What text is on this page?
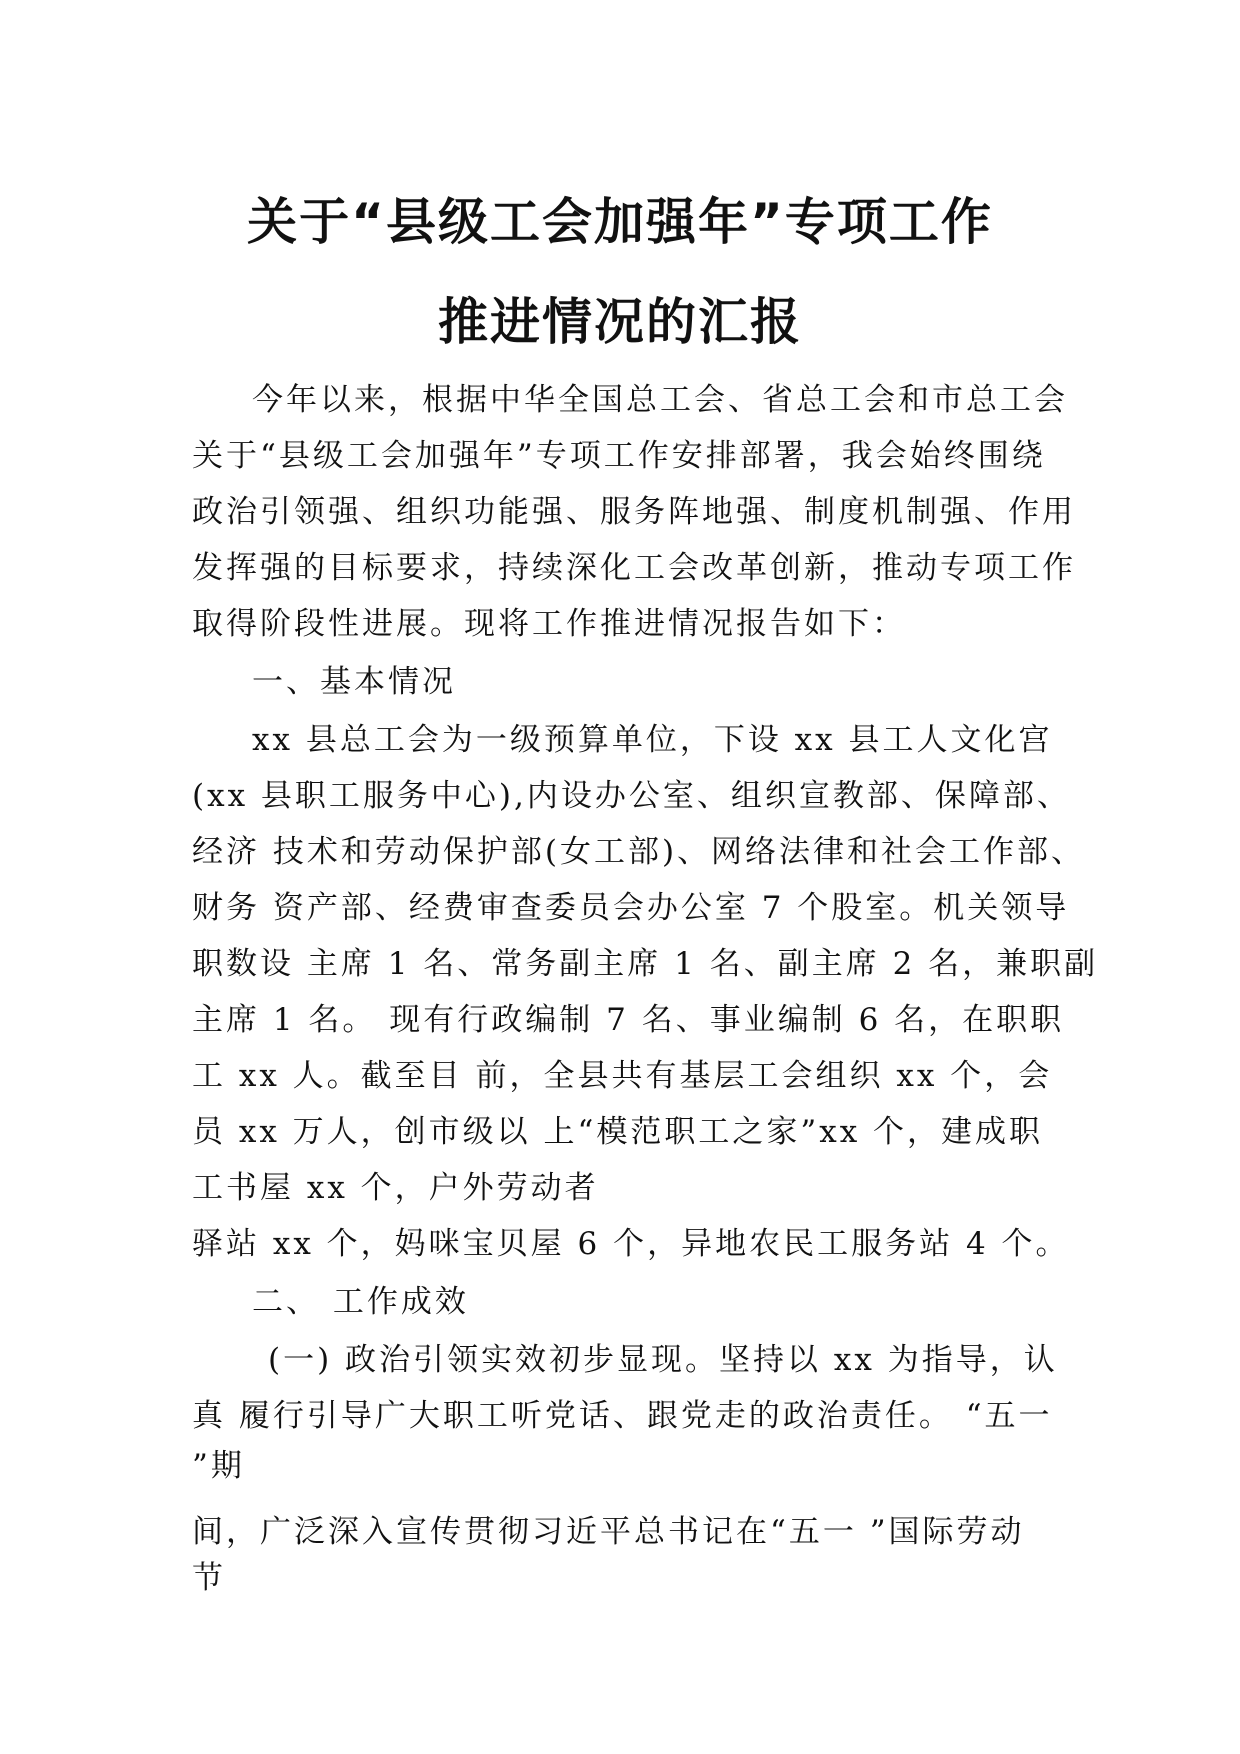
关于“县级工会加强年”专项工作
推进情况的汇报

今年以来，根据中华全国总工会、省总工会和市总工会

关于“县级工会加强年”专项工作安排部署，我会始终围绕

政治引领强、组织功能强、服务阵地强、制度机制强、作用

发挥强的目标要求，持续深化工会改革创新，推动专项工作

取得阶段性进展。现将工作推进情况报告如下：

一、基本情况

xx 县总工会为一级预算单位，下设 xx 县工人文化宫

(xx 县职工服务中心),内设办公室、组织宣教部、保障部、

经济 技术和劳动保护部(女工部)、网络法律和社会工作部、

财务 资产部、经费审查委员会办公室 7 个股室。机关领导

职数设 主席 1 名、常务副主席 1 名、副主席 2 名，兼职副

主席 1 名。 现有行政编制 7 名、事业编制 6 名，在职职

工 xx 人。截至目 前，全县共有基层工会组织 xx 个，会

员 xx 万人，创市级以 上“模范职工之家”xx 个，建成职

工书屋 xx 个，户外劳动者

驿站 xx 个，妈咪宝贝屋 6 个，异地农民工服务站 4 个。

二、 工作成效

(一) 政治引领实效初步显现。坚持以 xx 为指导，认

真 履行引导广大职工听党话、跟党走的政治责任。 “五一

”期

间，广泛深入宣传贯彻习近平总书记在“五一 ”国际劳动

节
